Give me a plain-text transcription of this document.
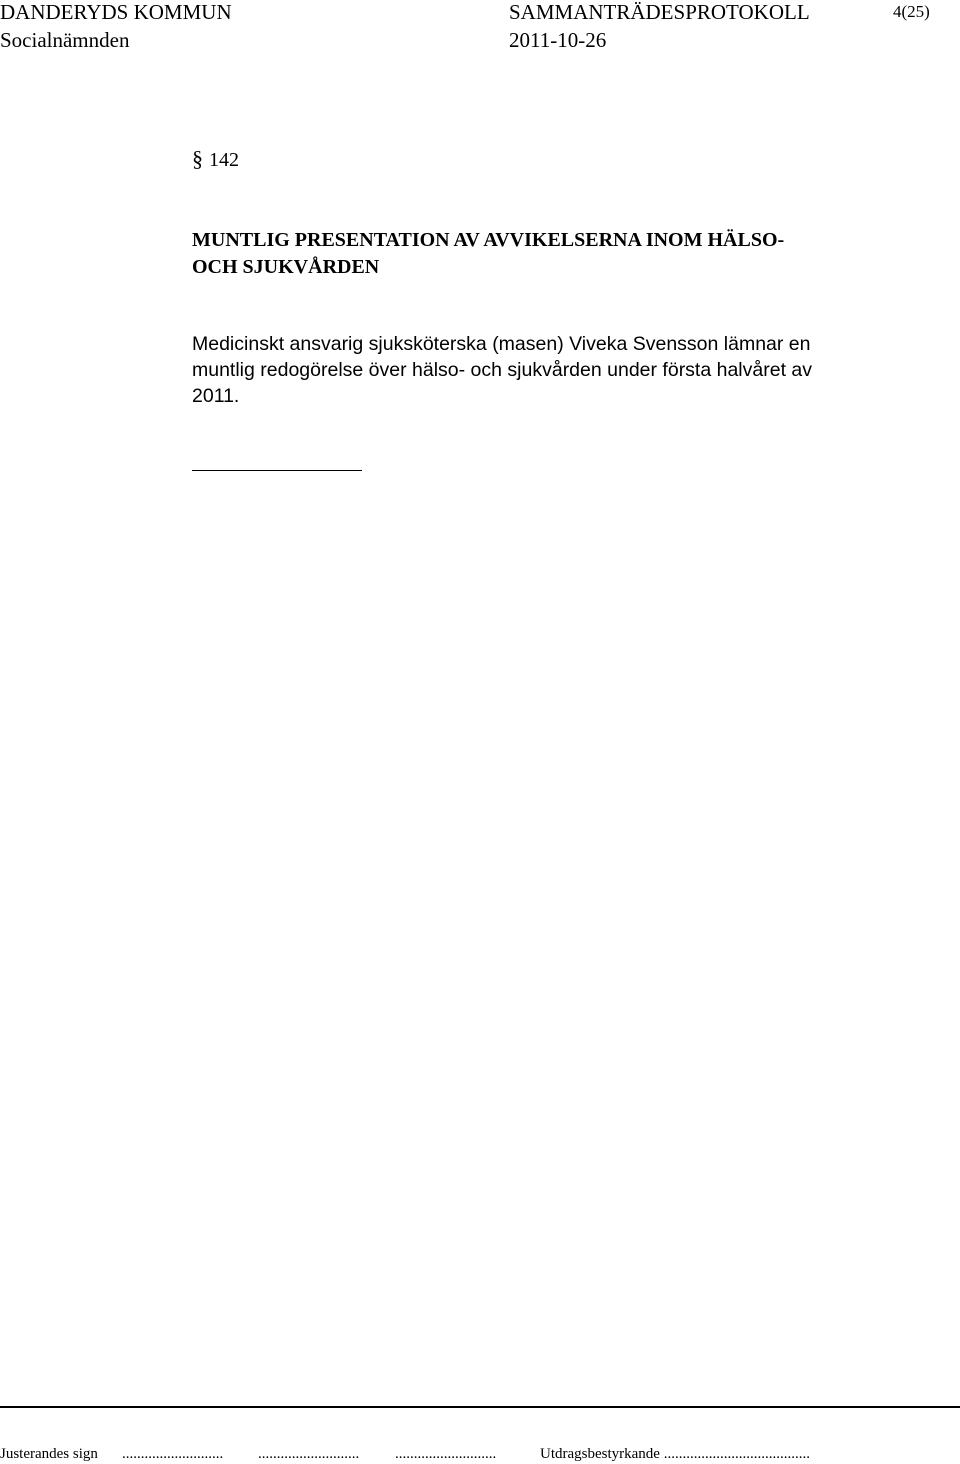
DANDERYDS KOMMUN
Socialnämnden
SAMMANTRÄDESPROTOKOLL
2011-10-26
4(25)
§ 142
MUNTLIG PRESENTATION AV AVVIKELSERNA INOM HÄLSO- OCH SJUKVÅRDEN
Medicinskt ansvarig sjuksköterska (masen) Viveka Svensson lämnar en
muntlig redogörelse över hälso- och sjukvården under första halvåret av
2011.
Justerandes sign ........................... ........................... ...........................	Utdragsbestyrkande .......................................
